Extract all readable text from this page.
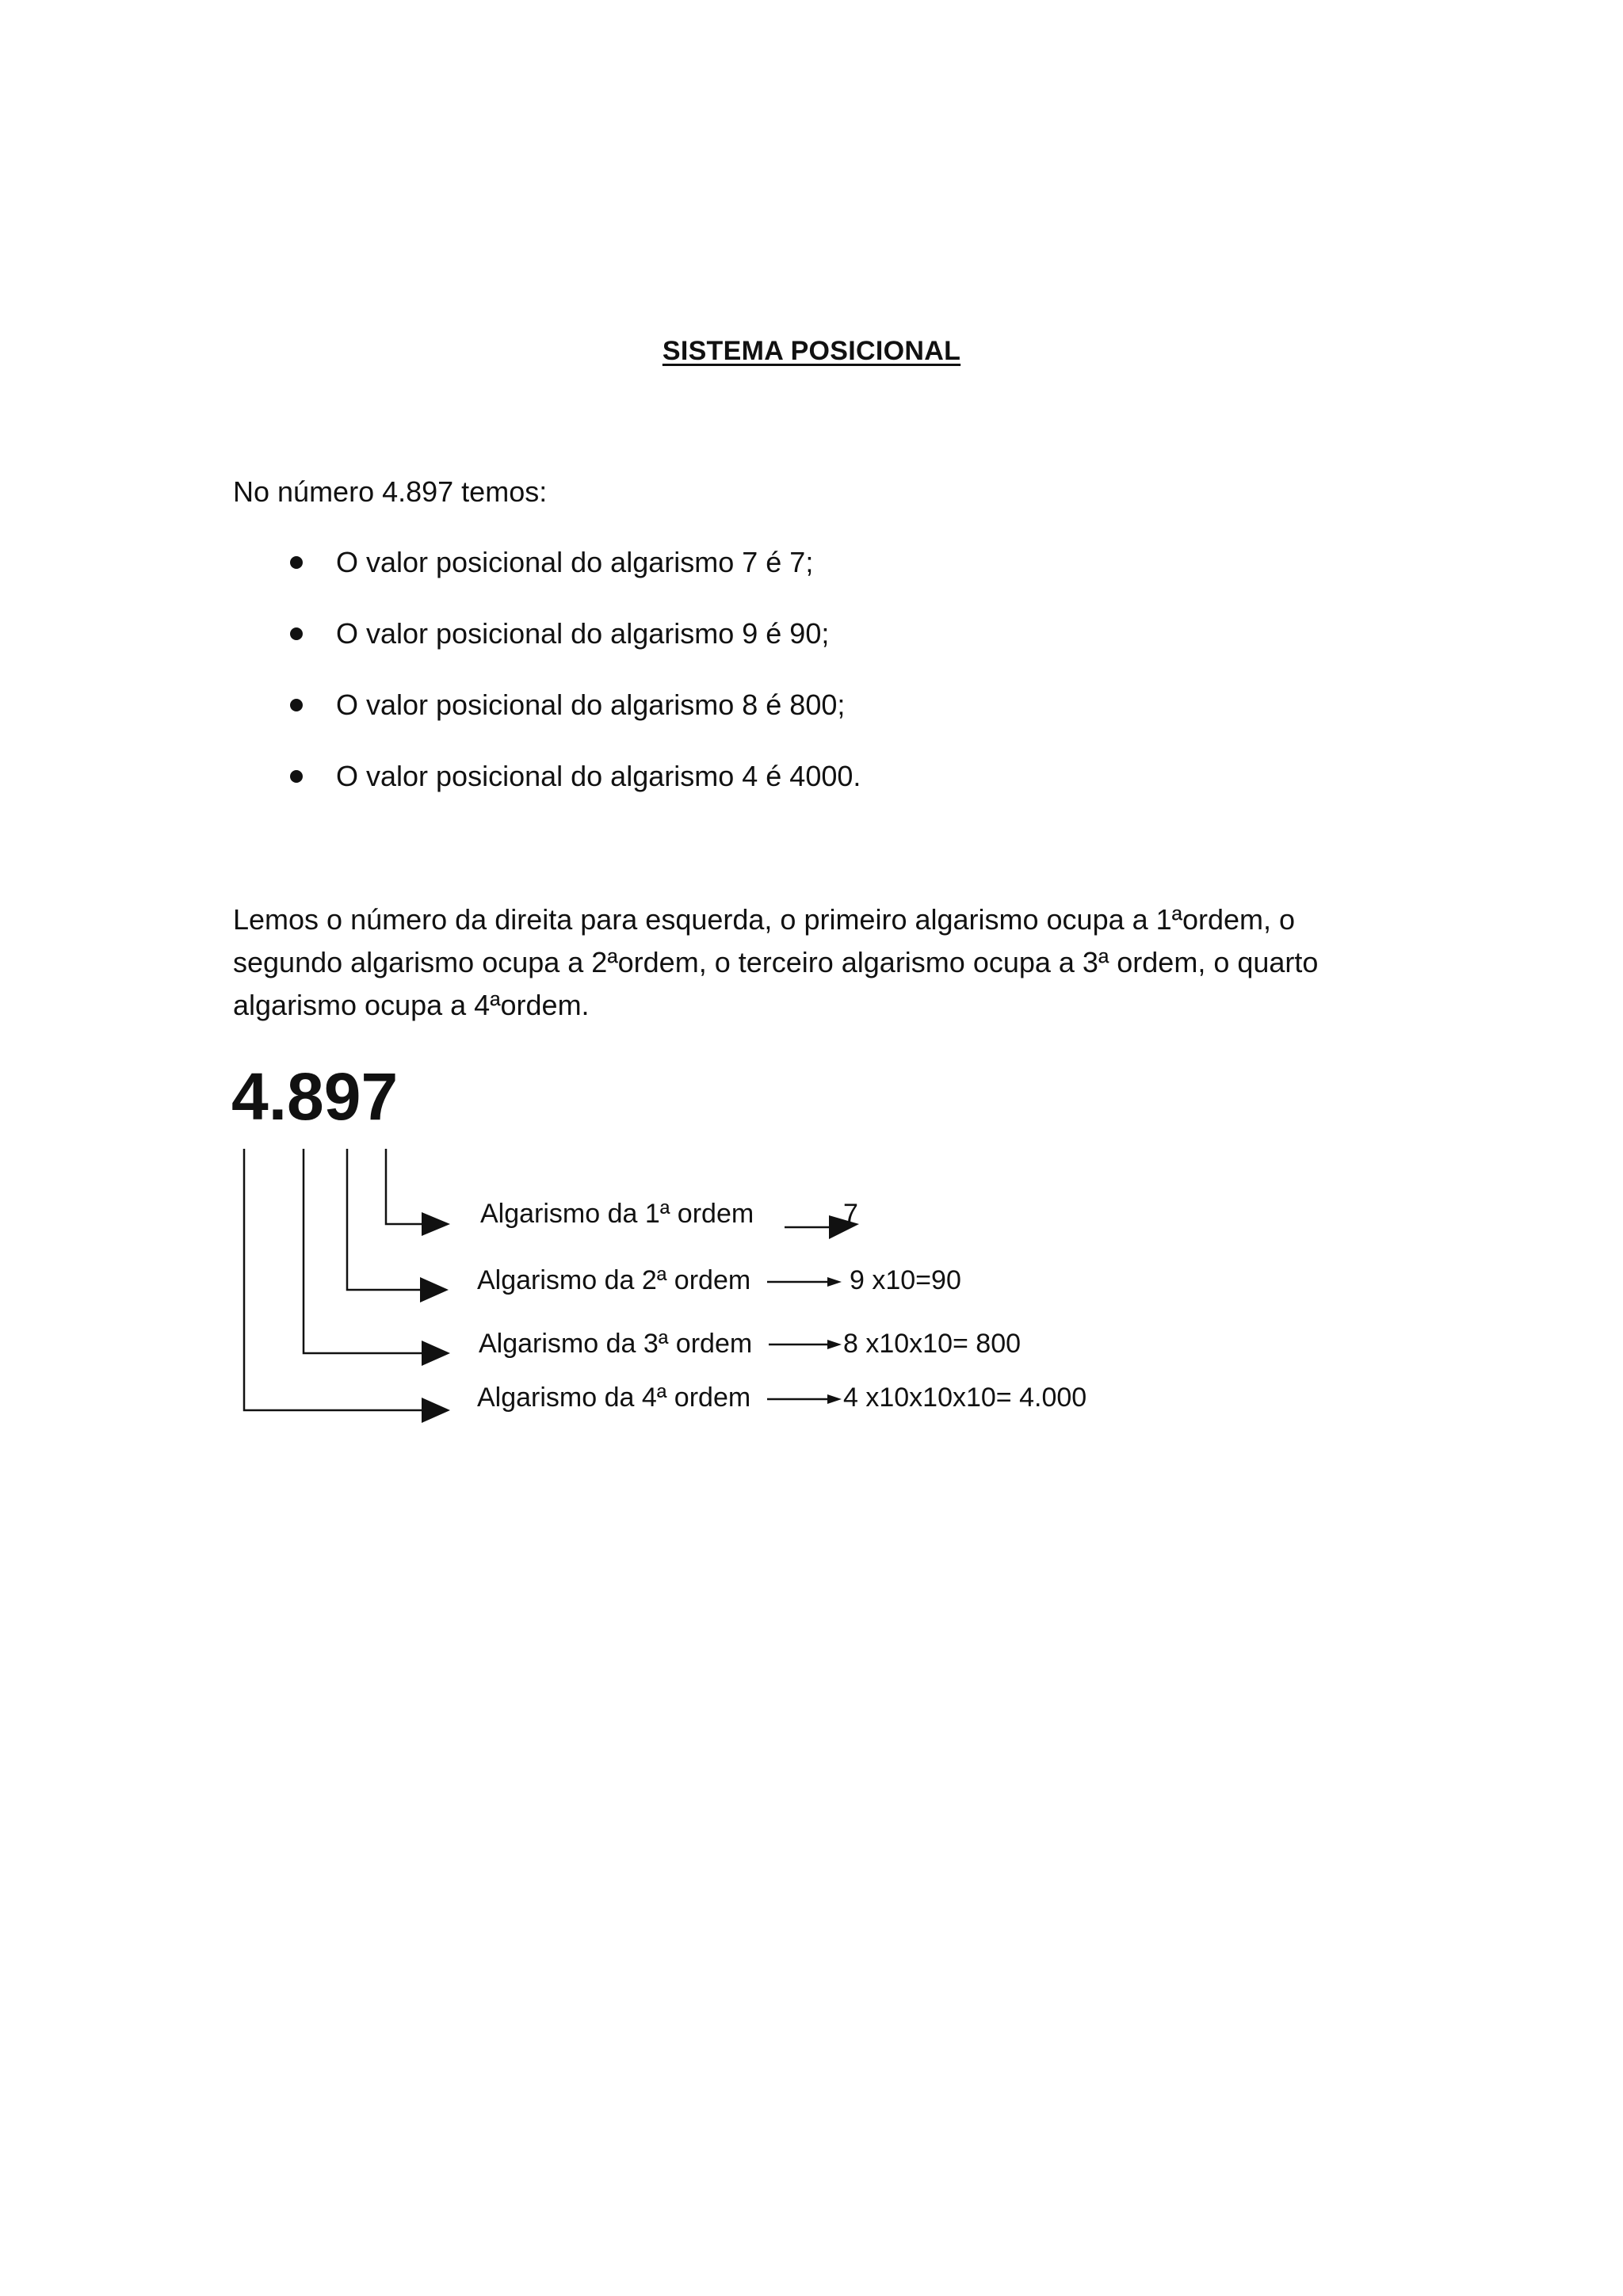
SISTEMA POSICIONAL
No número 4.897 temos:
O valor posicional do algarismo 7 é 7;
O valor posicional do algarismo 9 é 90;
O valor posicional do algarismo 8 é 800;
O valor posicional do algarismo 4 é 4000.
Lemos o número da direita para esquerda, o primeiro algarismo ocupa a 1ªordem, o segundo algarismo ocupa a 2ªordem, o terceiro algarismo ocupa a 3ª ordem, o quarto algarismo ocupa a 4ªordem.
4.897
Algarismo da 1ª ordem	7
Algarismo da 2ª ordem	9 x10=90
Algarismo da 3ª ordem	8 x10x10= 800
Algarismo da 4ª ordem	4 x10x10x10= 4.000
